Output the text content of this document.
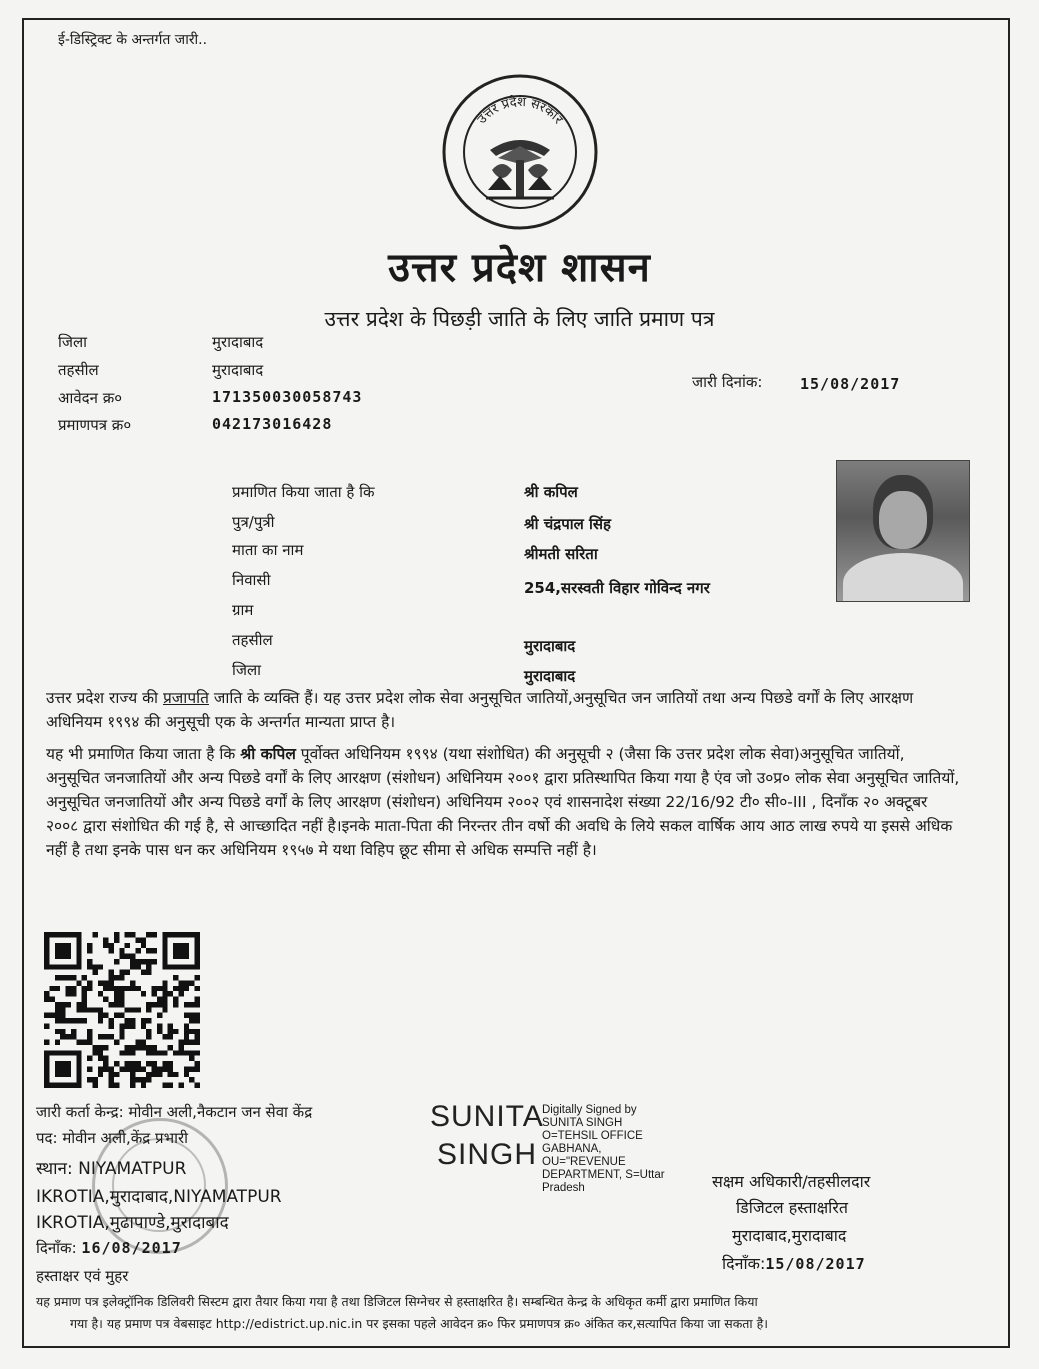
ई-डिस्ट्रिक्ट के अन्तर्गत जारी..
उत्तर प्रदेश सरकार
उत्तर प्रदेश शासन
उत्तर प्रदेश के पिछड़ी जाति के लिए जाति प्रमाण पत्र
जिला	मुरादाबाद
तहसील	मुरादाबाद
आवेदन क्र०	171350030058743
प्रमाणपत्र क्र०	042173016428
जारी दिनांक:	15/08/2017
प्रमाणित किया जाता है कि	श्री कपिल
पुत्र/पुत्री	श्री चंद्रपाल सिंह
माता का नाम	श्रीमती सरिता
निवासी	254,सरस्वती विहार गोविन्द नगर
ग्राम
तहसील	मुरादाबाद
जिला	मुरादाबाद
उत्तर प्रदेश राज्य की प्रजापति जाति के व्यक्ति हैं। यह उत्तर प्रदेश लोक सेवा अनुसूचित जातियों,अनुसूचित जन जातियों तथा अन्य पिछडे वर्गों के लिए आरक्षण अधिनियम १९९४ की अनुसूची एक के अन्तर्गत मान्यता प्राप्त है।
यह भी प्रमाणित किया जाता है कि श्री कपिल पूर्वोक्त अधिनियम १९९४ (यथा संशोधित) की अनुसूची २ (जैसा कि उत्तर प्रदेश लोक सेवा)अनुसूचित जातियों, अनुसूचित जनजातियों और अन्य पिछडे वर्गों के लिए आरक्षण (संशोधन) अधिनियम २००१ द्वारा प्रतिस्थापित किया गया है एंव जो उ०प्र० लोक सेवा अनुसूचित जातियों, अनुसूचित जनजातियों और अन्य पिछडे वर्गों के लिए आरक्षण (संशोधन) अधिनियम २००२ एवं शासनादेश संख्या 22/16/92 टी० सी०-III , दिनाँक २० अक्टूबर २००८ द्वारा संशोधित की गई है, से आच्छादित नहीं है।इनके माता-पिता की निरन्तर तीन वर्षो की अवधि के लिये सकल वार्षिक आय आठ लाख रुपये या इससे अधिक नहीं है तथा इनके पास धन कर अधिनियम १९५७ मे यथा विहिप छूट सीमा से अधिक सम्पत्ति नहीं है।
जारी कर्ता केन्द्र: मोवीन अली,नैकटान जन सेवा केंद्र
पद: मोवीन अली,केंद्र प्रभारी
स्थान: NIYAMATPUR
IKROTIA,मुरादाबाद,NIYAMATPUR
IKROTIA,मुढापाण्डे,मुरादाबाद
दिनाँक: 16/08/2017
हस्ताक्षर एवं मुहर
SUNITA
SINGH
Digitally Signed by SUNITA SINGH O=TEHSIL OFFICE GABHANA, OU="REVENUE DEPARTMENT, S=Uttar Pradesh	सक्षम अधिकारी/तहसीलदार
डिजिटल हस्ताक्षरित
मुरादाबाद,मुरादाबाद
दिनाँक:15/08/2017
यह प्रमाण पत्र इलेक्ट्रॉनिक डिलिवरी सिस्टम द्वारा तैयार किया गया है तथा डिजिटल सिग्नेचर से हस्ताक्षरित है। सम्बन्धित केन्द्र के अधिकृत कर्मी द्वारा प्रमाणित किया
गया है। यह प्रमाण पत्र वेबसाइट http://edistrict.up.nic.in पर इसका पहले आवेदन क्र० फिर प्रमाणपत्र क्र० अंकित कर,सत्यापित किया जा सकता है।
